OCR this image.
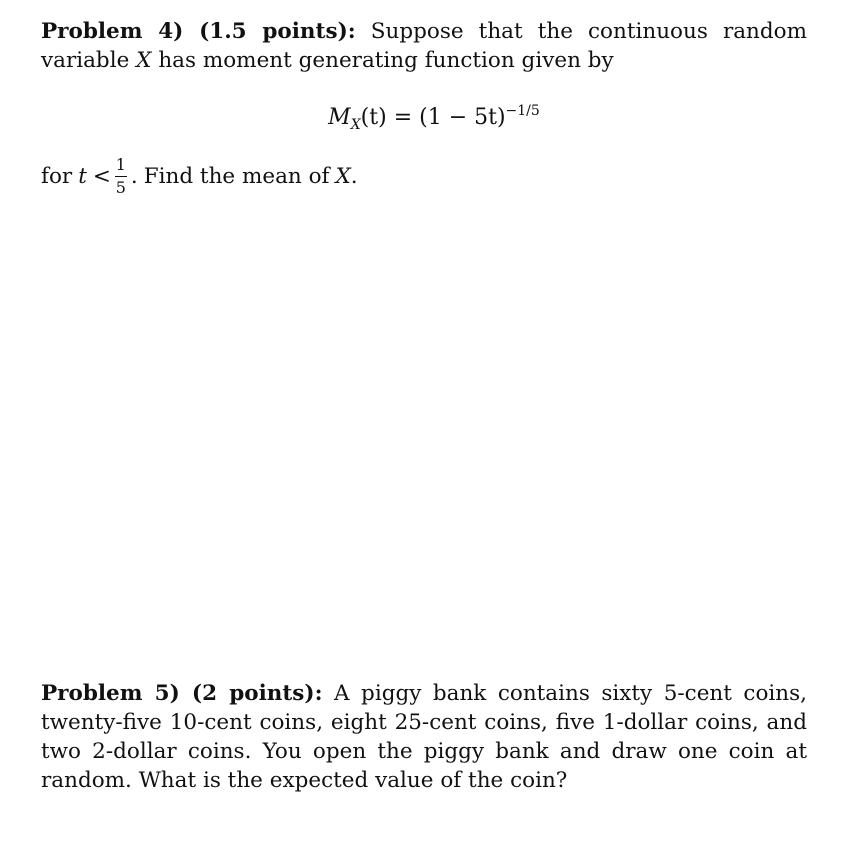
Problem 4) (1.5 points): Suppose that the continuous random variable X has moment generating function given by
$M_X(t) = (1 - 5t)^{-1/5}$
for $t < \frac{1}{5}$ . Find the mean of X .
Problem 5) (2 points): A piggy bank contains sixty 5-cent coins, twenty-five 10-cent coins, eight 25-cent coins, five 1-dollar coins, and two 2-dollar coins. You open the piggy bank and draw one coin at random. What is the expected value of the coin?
